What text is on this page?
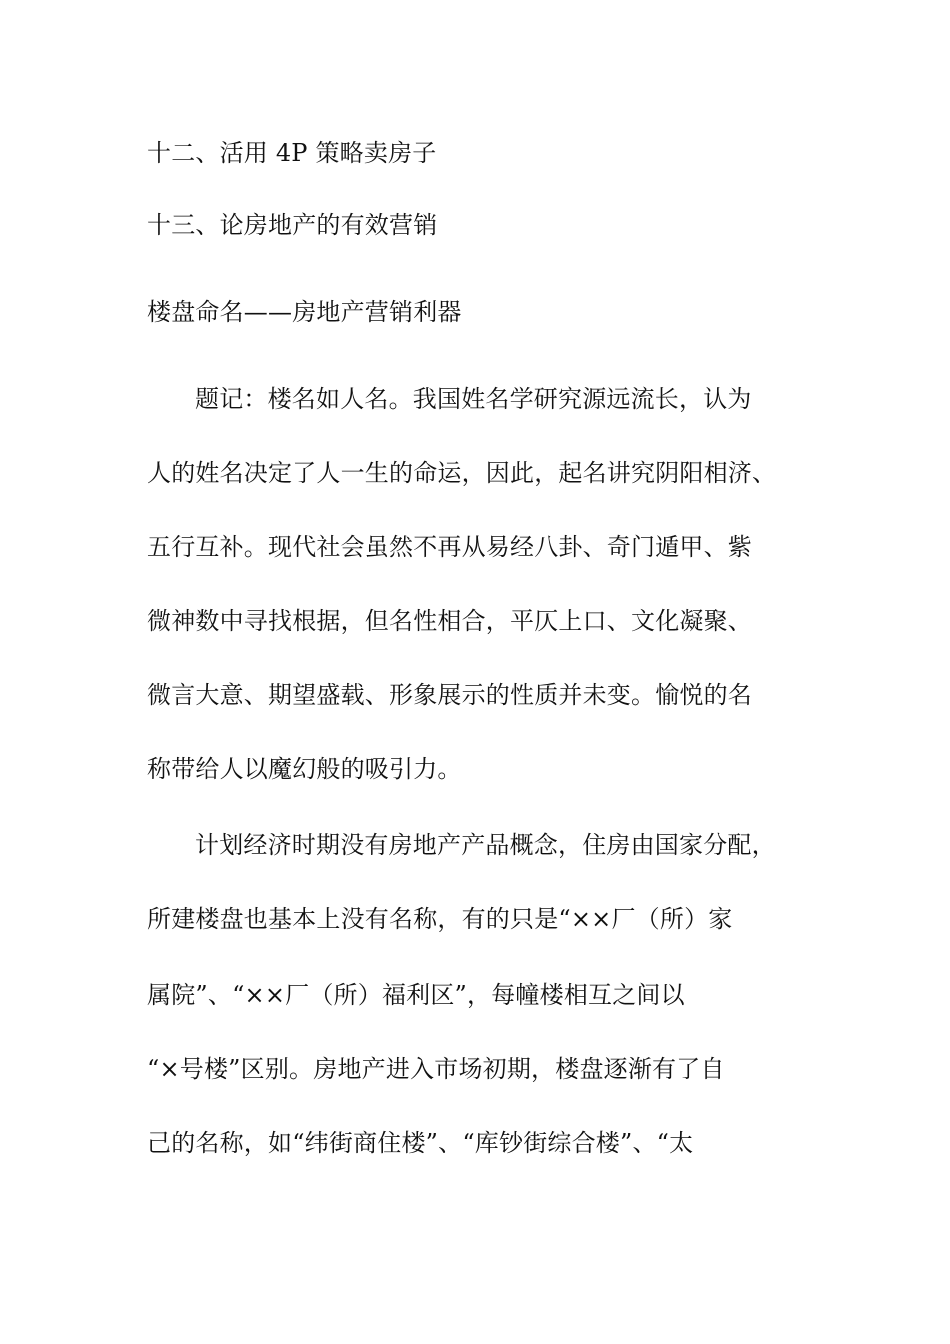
十二、活用 4P 策略卖房子
十三、论房地产的有效营销
楼盘命名——房地产营销利器
题记：楼名如人名。我国姓名学研究源远流长，认为
人的姓名决定了人一生的命运，因此，起名讲究阴阳相济、
五行互补。现代社会虽然不再从易经八卦、奇门遁甲、紫
微神数中寻找根据，但名性相合，平仄上口、文化凝聚、
微言大意、期望盛载、形象展示的性质并未变。愉悦的名
称带给人以魔幻般的吸引力。
计划经济时期没有房地产产品概念，住房由国家分配，
所建楼盘也基本上没有名称，有的只是“××厂（所）家
属院”、“××厂（所）福利区”，每幢楼相互之间以
“×号楼”区别。房地产进入市场初期，楼盘逐渐有了自
己的名称，如“纬街商住楼”、“库钞街综合楼”、“太
